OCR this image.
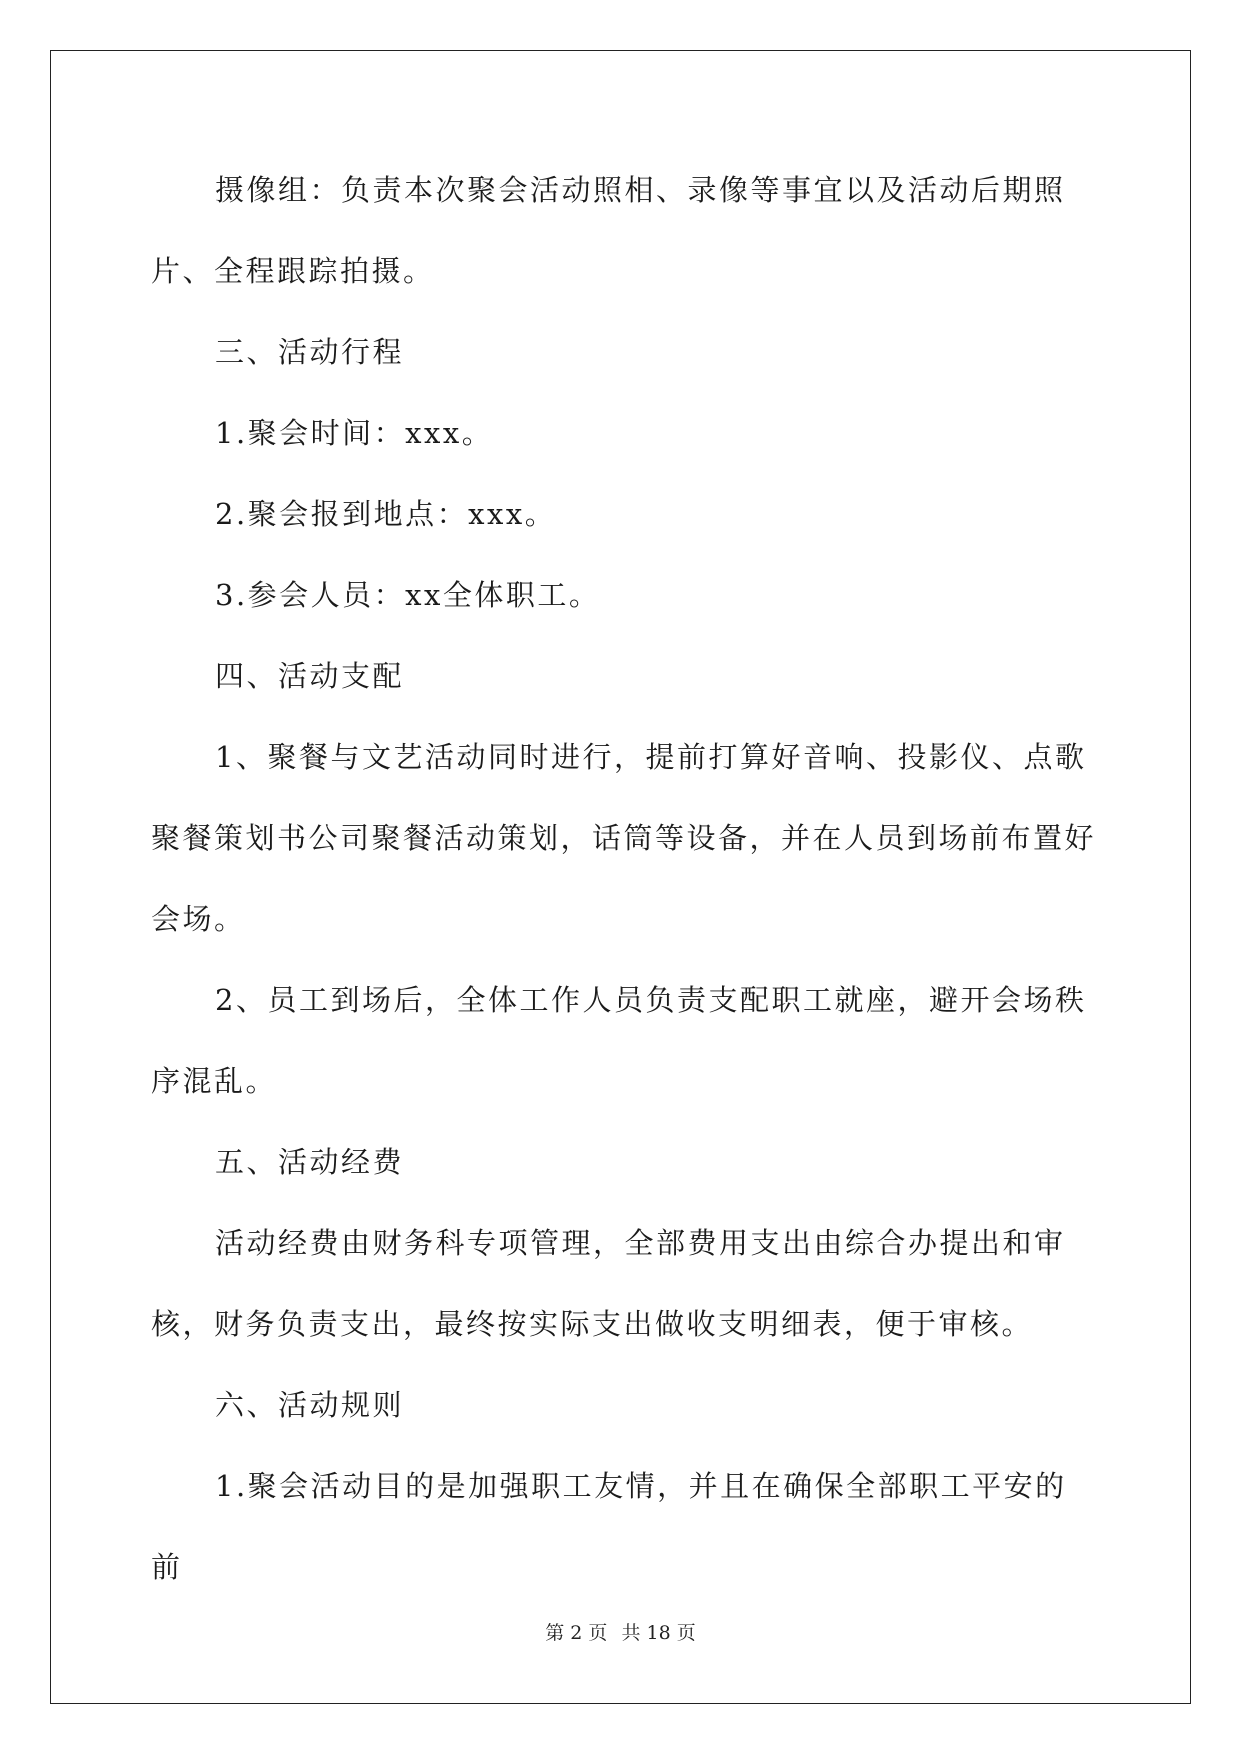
摄像组：负责本次聚会活动照相、录像等事宜以及活动后期照片、全程跟踪拍摄。

三、活动行程

1.聚会时间：xxx。

2.聚会报到地点：xxx。

3.参会人员：xx全体职工。

四、活动支配

1、聚餐与文艺活动同时进行，提前打算好音响、投影仪、点歌聚餐策划书公司聚餐活动策划，话筒等设备，并在人员到场前布置好会场。

2、员工到场后，全体工作人员负责支配职工就座，避开会场秩序混乱。

五、活动经费

活动经费由财务科专项管理，全部费用支出由综合办提出和审核，财务负责支出，最终按实际支出做收支明细表，便于审核。

六、活动规则

1.聚会活动目的是加强职工友情，并且在确保全部职工平安的前

第 2 页 共 18 页
